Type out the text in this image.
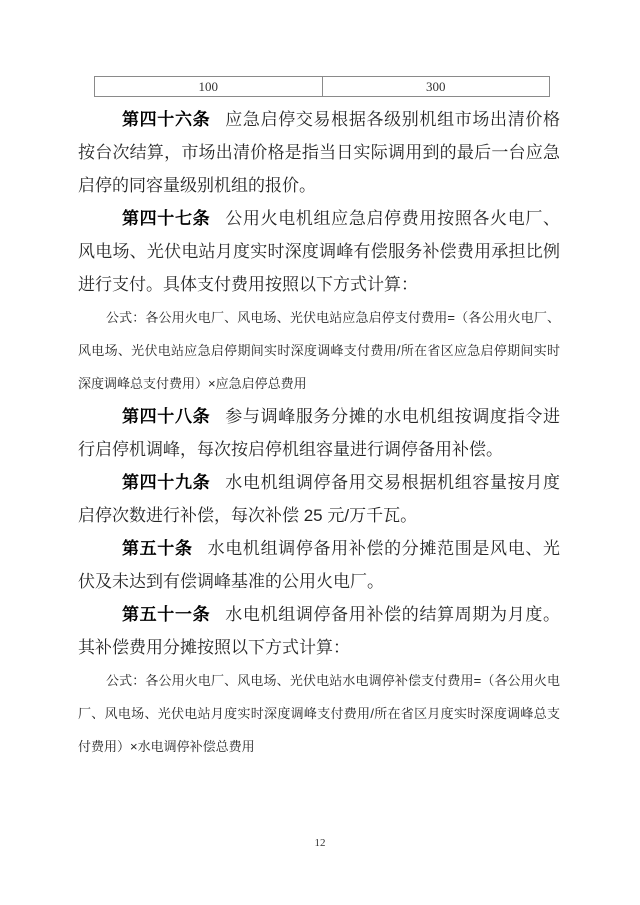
100	300

第四十六条 应急启停交易根据各级别机组市场出清价格按台次结算，市场出清价格是指当日实际调用到的最后一台应急启停的同容量级别机组的报价。

第四十七条 公用火电机组应急启停费用按照各火电厂、风电场、光伏电站月度实时深度调峰有偿服务补偿费用承担比例进行支付。具体支付费用按照以下方式计算：

公式：各公用火电厂、风电场、光伏电站应急启停支付费用=（各公用火电厂、风电场、光伏电站应急启停期间实时深度调峰支付费用/所在省区应急启停期间实时深度调峰总支付费用）×应急启停总费用

第四十八条 参与调峰服务分摊的水电机组按调度指令进行启停机调峰，每次按启停机组容量进行调停备用补偿。

第四十九条 水电机组调停备用交易根据机组容量按月度启停次数进行补偿，每次补偿 25 元/万千瓦。

第五十条 水电机组调停备用补偿的分摊范围是风电、光伏及未达到有偿调峰基准的公用火电厂。

第五十一条 水电机组调停备用补偿的结算周期为月度。其补偿费用分摊按照以下方式计算：

公式：各公用火电厂、风电场、光伏电站水电调停补偿支付费用=（各公用火电厂、风电场、光伏电站月度实时深度调峰支付费用/所在省区月度实时深度调峰总支付费用）×水电调停补偿总费用

12
